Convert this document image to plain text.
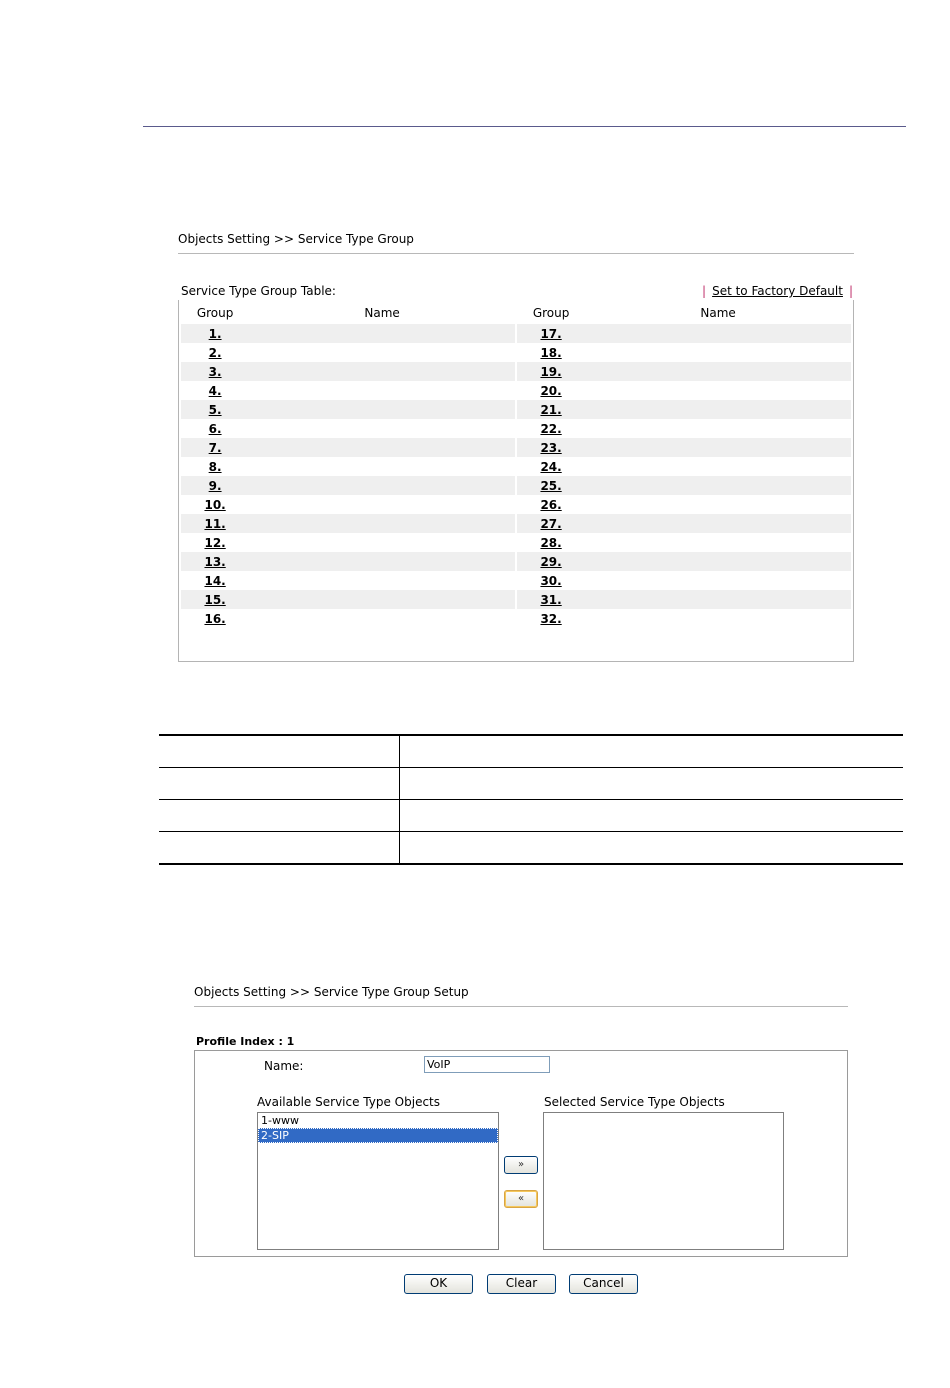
Objects Setting >> Service Type Group
Service Type Group Table:	| Set to Factory Default |
Group	Name		Group	Name
1.			17.	
2.			18.	
3.			19.	
4.			20.	
5.			21.	
6.			22.	
7.			23.	
8.			24.	
9.			25.	
10.			26.	
11.			27.	
12.			28.	
13.			29.	
14.			30.	
15.			31.	
16.			32.	

Objects Setting >> Service Type Group Setup
Profile Index : 1
Name:
VoIP
Available Service Type Objects	Selected Service Type Objects
1-www
2-SIP
»
«
OK	Clear	Cancel
